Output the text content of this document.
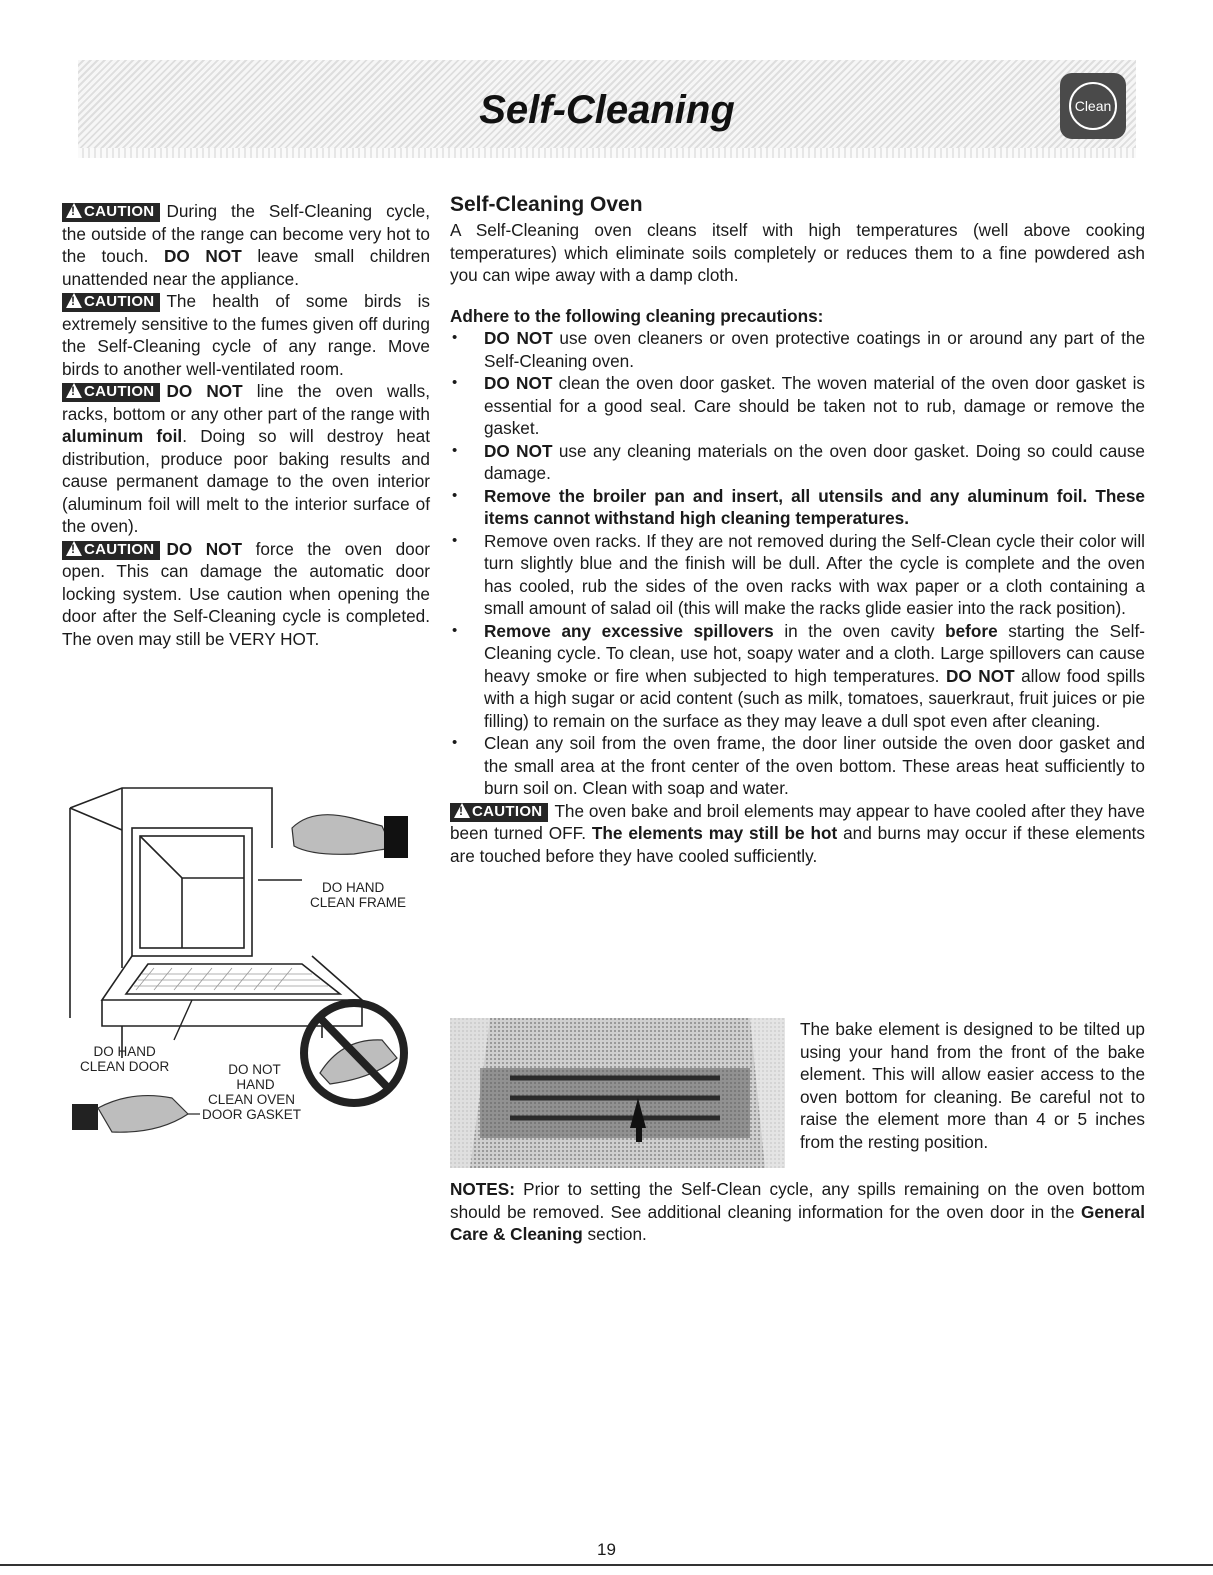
Self-Cleaning	Clean

!CAUTION During the Self-Cleaning cycle, the outside of the range can become very hot to the touch. DO NOT leave small children unattended near the appliance.

!CAUTION The health of some birds is extremely sensitive to the fumes given off during the Self-Cleaning cycle of any range. Move birds to another well-ventilated room.

!CAUTION DO NOT line the oven walls, racks, bottom or any other part of the range with aluminum foil. Doing so will destroy heat distribution, produce poor baking results and cause permanent damage to the oven interior (aluminum foil will melt to the interior surface of the oven).

!CAUTION DO NOT force the oven door open. This can damage the automatic door locking system. Use caution when opening the door after the Self-Cleaning cycle is completed. The oven may still be VERY HOT.

DO HAND
CLEAN FRAME
DO HAND
CLEAN DOOR	DO NOT
HAND
CLEAN OVEN
DOOR GASKET
Self-Cleaning Oven

A Self-Cleaning oven cleans itself with high temperatures (well above cooking temperatures) which eliminate soils completely or reduces them to a fine powdered ash you can wipe away with a damp cloth.

Adhere to the following cleaning precautions:
• DO NOT use oven cleaners or oven protective coatings in or around any part of the Self-Cleaning oven.
• DO NOT clean the oven door gasket. The woven material of the oven door gasket is essential for a good seal. Care should be taken not to rub, damage or remove the gasket.
• DO NOT use any cleaning materials on the oven door gasket. Doing so could cause damage.
• Remove the broiler pan and insert, all utensils and any aluminum foil. These items cannot withstand high cleaning temperatures.
• Remove oven racks. If they are not removed during the Self-Clean cycle their color will turn slightly blue and the finish will be dull. After the cycle is complete and the oven has cooled, rub the sides of the oven racks with wax paper or a cloth containing a small amount of salad oil (this will make the racks glide easier into the rack position).
• Remove any excessive spillovers in the oven cavity before starting the Self-Cleaning cycle. To clean, use hot, soapy water and a cloth. Large spillovers can cause heavy smoke or fire when subjected to high temperatures. DO NOT allow food spills with a high sugar or acid content (such as milk, tomatoes, sauerkraut, fruit juices or pie filling) to remain on the surface as they may leave a dull spot even after cleaning.
• Clean any soil from the oven frame, the door liner outside the oven door gasket and the small area at the front center of the oven bottom. These areas heat sufficiently to burn soil on. Clean with soap and water.

!CAUTION The oven bake and broil elements may appear to have cooled after they have been turned OFF. The elements may still be hot and burns may occur if these elements are touched before they have cooled sufficiently.

The bake element is designed to be tilted up using your hand from the front of the bake element. This will allow easier access to the oven bottom for cleaning. Be careful not to raise the element more than 4 or 5 inches from the resting position.

NOTES: Prior to setting the Self-Clean cycle, any spills remaining on the oven bottom should be removed. See additional cleaning information for the oven door in the General Care & Cleaning section.

19
